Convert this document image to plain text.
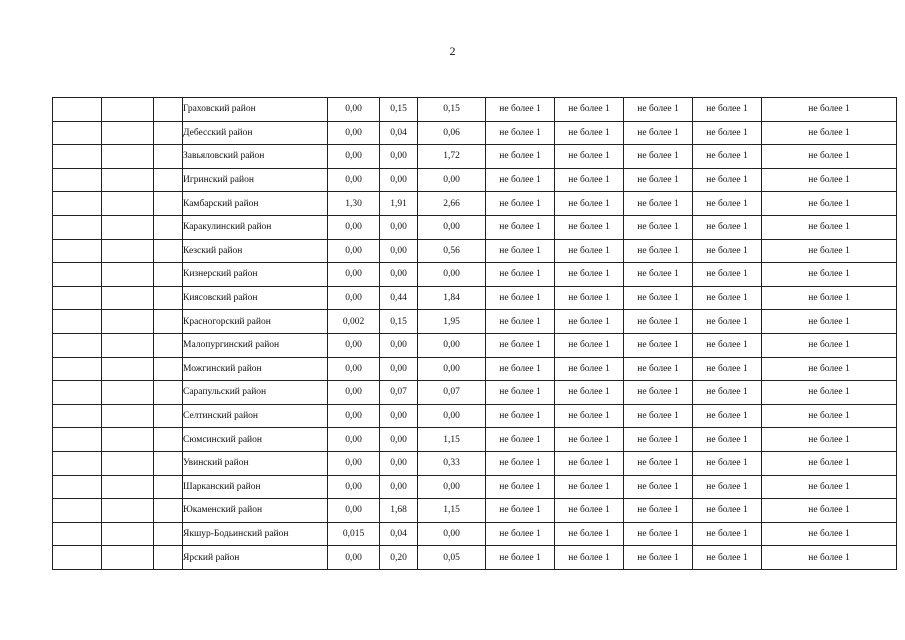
2
			Граховский район	0,00	0,15	0,15	не более 1	не более 1	не более 1	не более 1	не более 1
			Дебесский район	0,00	0,04	0,06	не более 1	не более 1	не более 1	не более 1	не более 1
			Завьяловский район	0,00	0,00	1,72	не более 1	не более 1	не более 1	не более 1	не более 1
			Игринский район	0,00	0,00	0,00	не более 1	не более 1	не более 1	не более 1	не более 1
			Камбарский район	1,30	1,91	2,66	не более 1	не более 1	не более 1	не более 1	не более 1
			Каракулинский район	0,00	0,00	0,00	не более 1	не более 1	не более 1	не более 1	не более 1
			Кезский район	0,00	0,00	0,56	не более 1	не более 1	не более 1	не более 1	не более 1
			Кизнерский район	0,00	0,00	0,00	не более 1	не более 1	не более 1	не более 1	не более 1
			Киясовский район	0,00	0,44	1,84	не более 1	не более 1	не более 1	не более 1	не более 1
			Красногорский район	0,002	0,15	1,95	не более 1	не более 1	не более 1	не более 1	не более 1
			Малопургинский район	0,00	0,00	0,00	не более 1	не более 1	не более 1	не более 1	не более 1
			Можгинский район	0,00	0,00	0,00	не более 1	не более 1	не более 1	не более 1	не более 1
			Сарапульский район	0,00	0,07	0,07	не более 1	не более 1	не более 1	не более 1	не более 1
			Селтинский район	0,00	0,00	0,00	не более 1	не более 1	не более 1	не более 1	не более 1
			Сюмсинский район	0,00	0,00	1,15	не более 1	не более 1	не более 1	не более 1	не более 1
			Увинский район	0,00	0,00	0,33	не более 1	не более 1	не более 1	не более 1	не более 1
			Шарканский район	0,00	0,00	0,00	не более 1	не более 1	не более 1	не более 1	не более 1
			Юкаменский район	0,00	1,68	1,15	не более 1	не более 1	не более 1	не более 1	не более 1
			Якшур-Бодьинский район	0,015	0,04	0,00	не более 1	не более 1	не более 1	не более 1	не более 1
			Ярский район	0,00	0,20	0,05	не более 1	не более 1	не более 1	не более 1	не более 1
